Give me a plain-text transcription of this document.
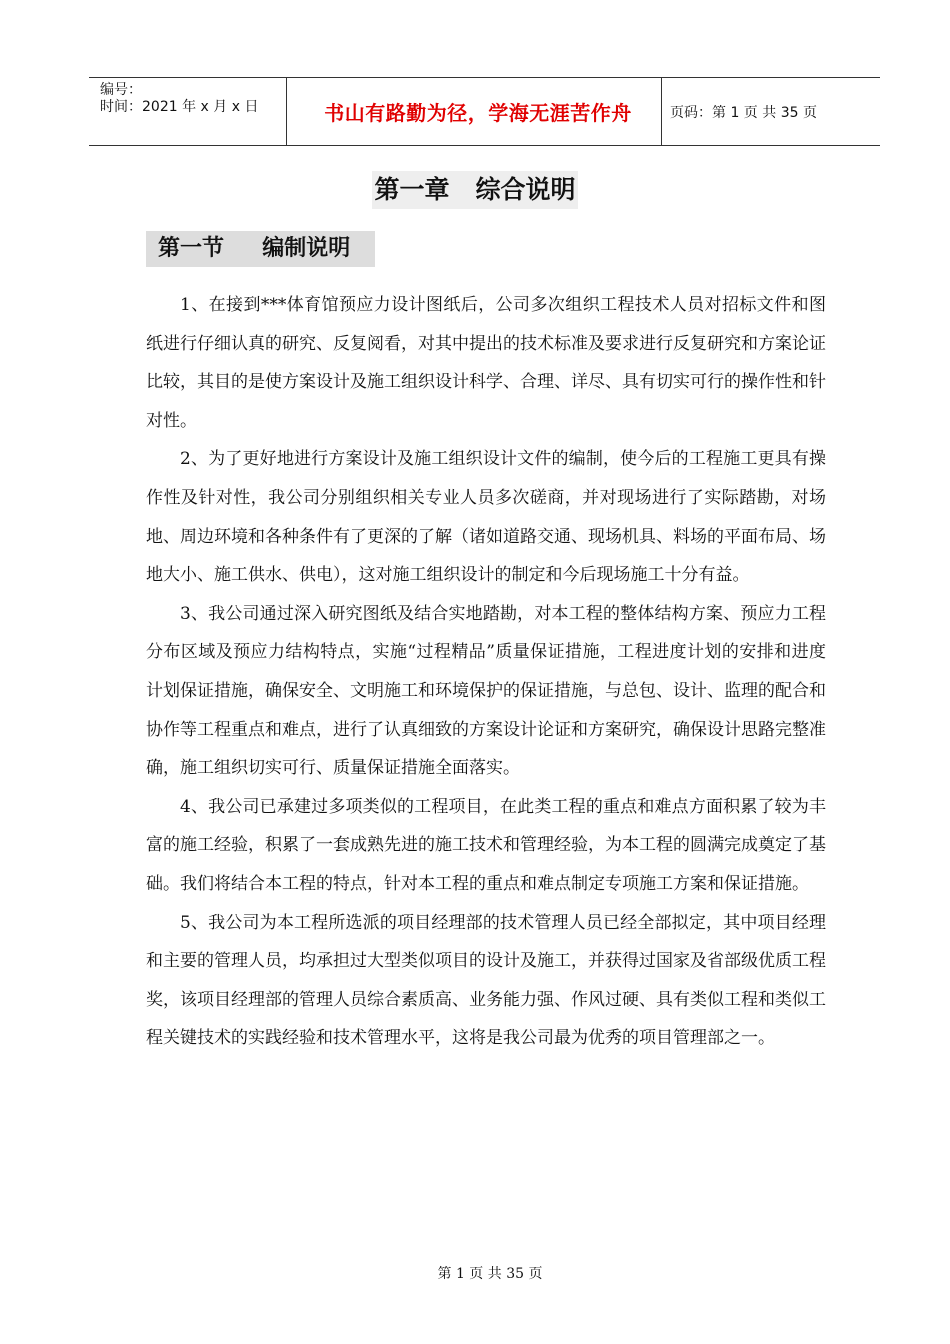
编号：
时间：2021 年 x 月 x 日	书山有路勤为径，学海无涯苦作舟	页码：第 1 页 共 35 页
第一章   综合说明
第一节     编制说明

1、在接到***体育馆预应力设计图纸后，公司多次组织工程技术人员对招标文件和图纸进行仔细认真的研究、反复阅看，对其中提出的技术标准及要求进行反复研究和方案论证比较，其目的是使方案设计及施工组织设计科学、合理、详尽、具有切实可行的操作性和针对性。

2、为了更好地进行方案设计及施工组织设计文件的编制，使今后的工程施工更具有操作性及针对性，我公司分别组织相关专业人员多次磋商，并对现场进行了实际踏勘，对场地、周边环境和各种条件有了更深的了解（诸如道路交通、现场机具、料场的平面布局、场地大小、施工供水、供电），这对施工组织设计的制定和今后现场施工十分有益。

3、我公司通过深入研究图纸及结合实地踏勘，对本工程的整体结构方案、预应力工程分布区域及预应力结构特点，实施“过程精品”质量保证措施，工程进度计划的安排和进度计划保证措施，确保安全、文明施工和环境保护的保证措施，与总包、设计、监理的配合和协作等工程重点和难点，进行了认真细致的方案设计论证和方案研究，确保设计思路完整准确，施工组织切实可行、质量保证措施全面落实。

4、我公司已承建过多项类似的工程项目，在此类工程的重点和难点方面积累了较为丰富的施工经验，积累了一套成熟先进的施工技术和管理经验，为本工程的圆满完成奠定了基础。我们将结合本工程的特点，针对本工程的重点和难点制定专项施工方案和保证措施。

5、我公司为本工程所选派的项目经理部的技术管理人员已经全部拟定，其中项目经理和主要的管理人员，均承担过大型类似项目的设计及施工，并获得过国家及省部级优质工程奖，该项目经理部的管理人员综合素质高、业务能力强、作风过硬、具有类似工程和类似工程关键技术的实践经验和技术管理水平，这将是我公司最为优秀的项目管理部之一。

第 1 页 共 35 页
